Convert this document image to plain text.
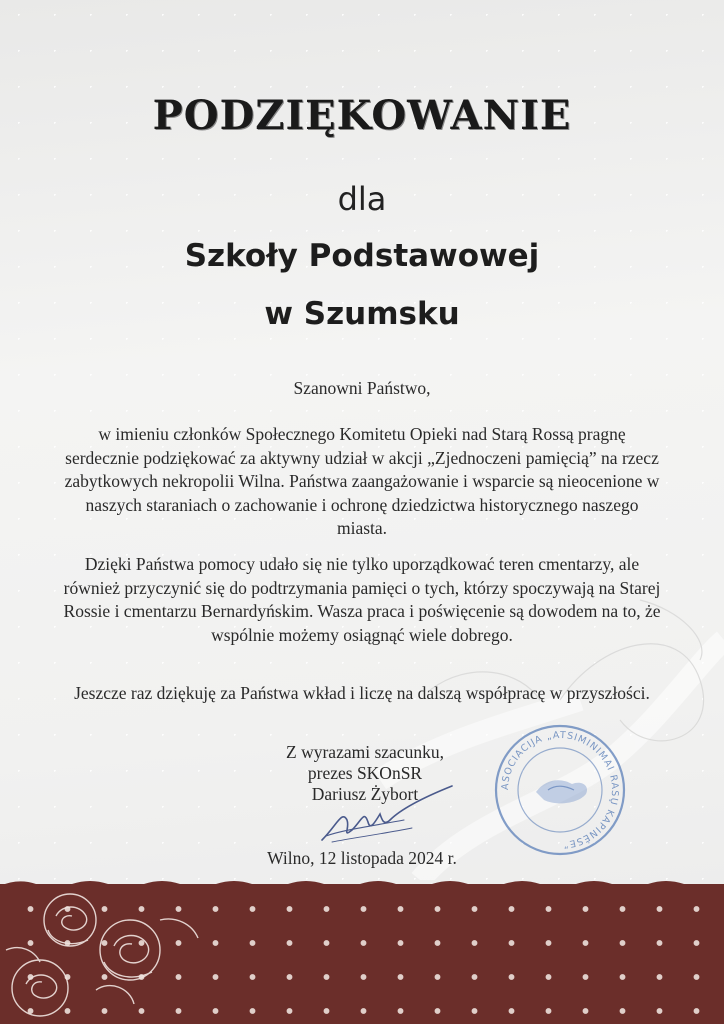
PODZIĘKOWANIE
dla
Szkoły Podstawowej
w Szumsku
Szanowni Państwo,
w imieniu członków Społecznego Komitetu Opieki nad Starą Rossą pragnę serdecznie podziękować za aktywny udział w akcji „Zjednoczeni pamięcią” na rzecz zabytkowych nekropolii Wilna. Państwa zaangażowanie i wsparcie są nieocenione w naszych staraniach o zachowanie i ochronę dziedzictwa historycznego naszego miasta.
Dzięki Państwa pomocy udało się nie tylko uporządkować teren cmentarzy, ale również przyczynić się do podtrzymania pamięci o tych, którzy spoczywają na Starej Rossie i cmentarzu Bernardyńskim. Wasza praca i poświęcenie są dowodem na to, że wspólnie możemy osiągnąć wiele dobrego.
Jeszcze raz dziękuję za Państwa wkład i liczę na dalszą współpracę w przyszłości.
Z wyrazami szacunku,
prezes SKOnSR
Dariusz Żybort	ASOCIACIJA „ATSIMINIMAI RASŲ KAPINĖSE”
Wilno, 12 listopada 2024 r.
